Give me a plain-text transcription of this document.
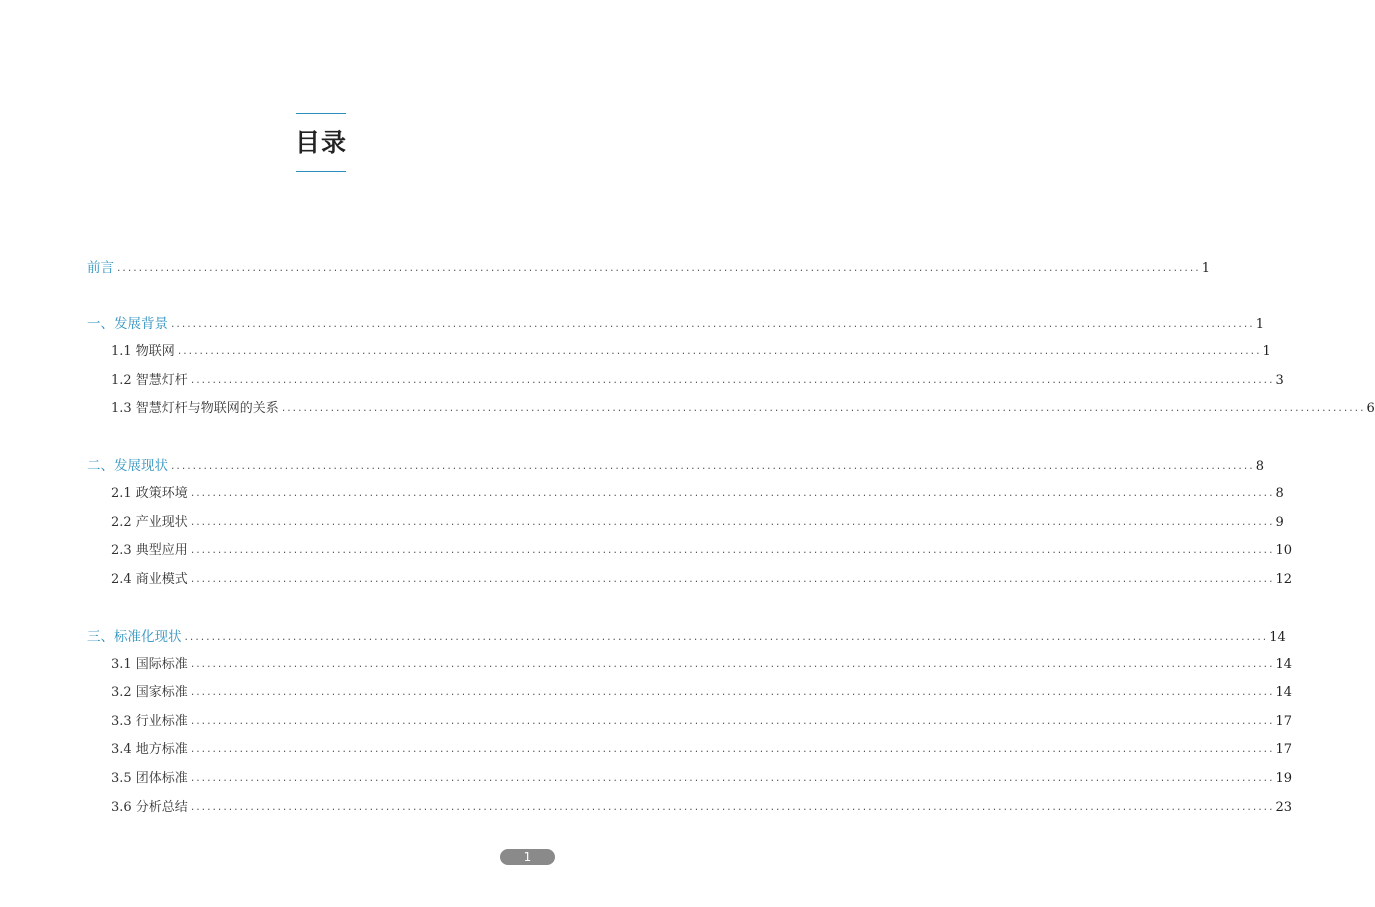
目录
前言 ........................................................................................................................................................................................................ 1
一、发展背景 ........................................................................................................................................................................................................ 1
1.1 物联网 ........................................................................................................................................................................................................ 1
1.2 智慧灯杆 ........................................................................................................................................................................................................ 3
1.3 智慧灯杆与物联网的关系 ........................................................................................................................................................................................................ 6
二、发展现状 ........................................................................................................................................................................................................ 8
2.1 政策环境 ........................................................................................................................................................................................................ 8
2.2 产业现状 ........................................................................................................................................................................................................ 9
2.3 典型应用 ........................................................................................................................................................................................................ 10
2.4 商业模式 ........................................................................................................................................................................................................ 12
三、标准化现状 ........................................................................................................................................................................................................ 14
3.1 国际标准 ........................................................................................................................................................................................................ 14
3.2 国家标准 ........................................................................................................................................................................................................ 14
3.3 行业标准 ........................................................................................................................................................................................................ 17
3.4 地方标准 ........................................................................................................................................................................................................ 17
3.5 团体标准 ........................................................................................................................................................................................................ 19
3.6 分析总结 ........................................................................................................................................................................................................ 23
1
